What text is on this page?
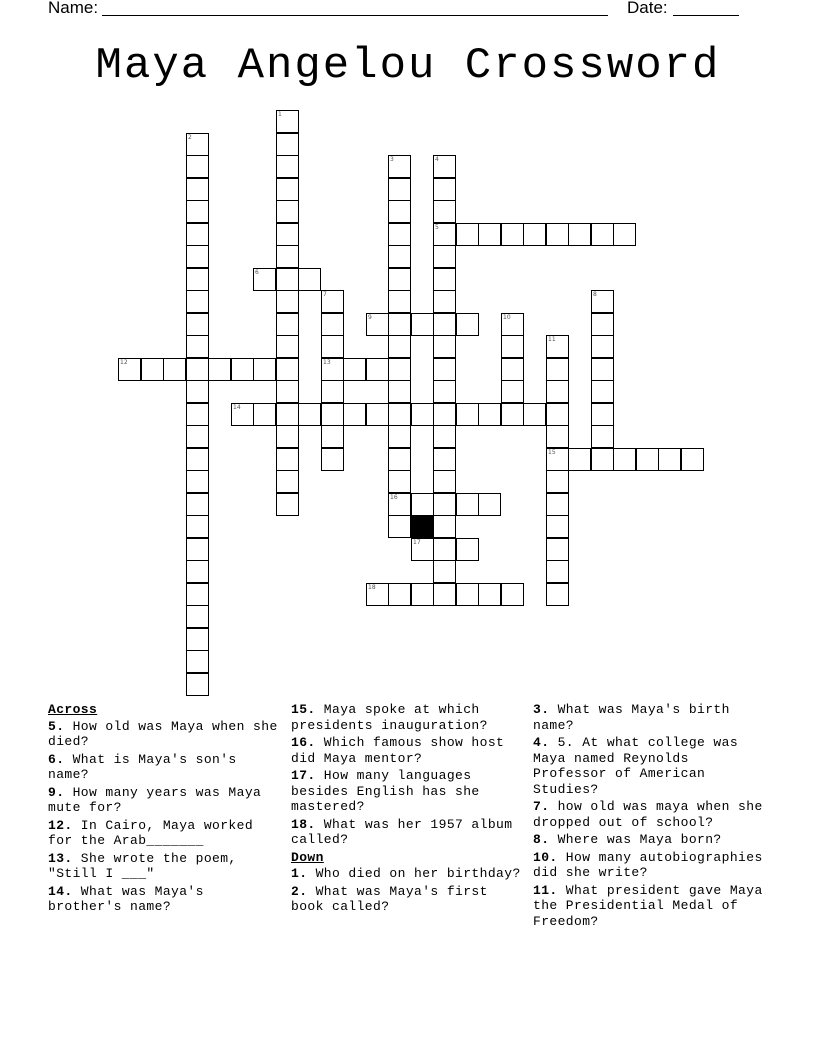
Name:	Date:
Maya Angelou Crossword
1
2
3
16
4
5
6
7
13
8
9	10
11
15
12
14
17
18
Across
5. How old was Maya when she died?
6. What is Maya's son's name?
9. How many years was Maya mute for?
12. In Cairo, Maya worked for the Arab_______
13. She wrote the poem, "Still I ___"
14. What was Maya's brother's name?
15. Maya spoke at which presidents inauguration?
16. Which famous show host did Maya mentor?
17. How many languages besides English has she mastered?
18. What was her 1957 album called?
Down
1. Who died on her birthday?
2. What was Maya's first book called?
3. What was Maya's birth name?
4. 5. At what college was Maya named Reynolds Professor of American Studies?
7. how old was maya when she dropped out of school?
8. Where was Maya born?
10. How many autobiographies did she write?
11. What president gave Maya the Presidential Medal of Freedom?
